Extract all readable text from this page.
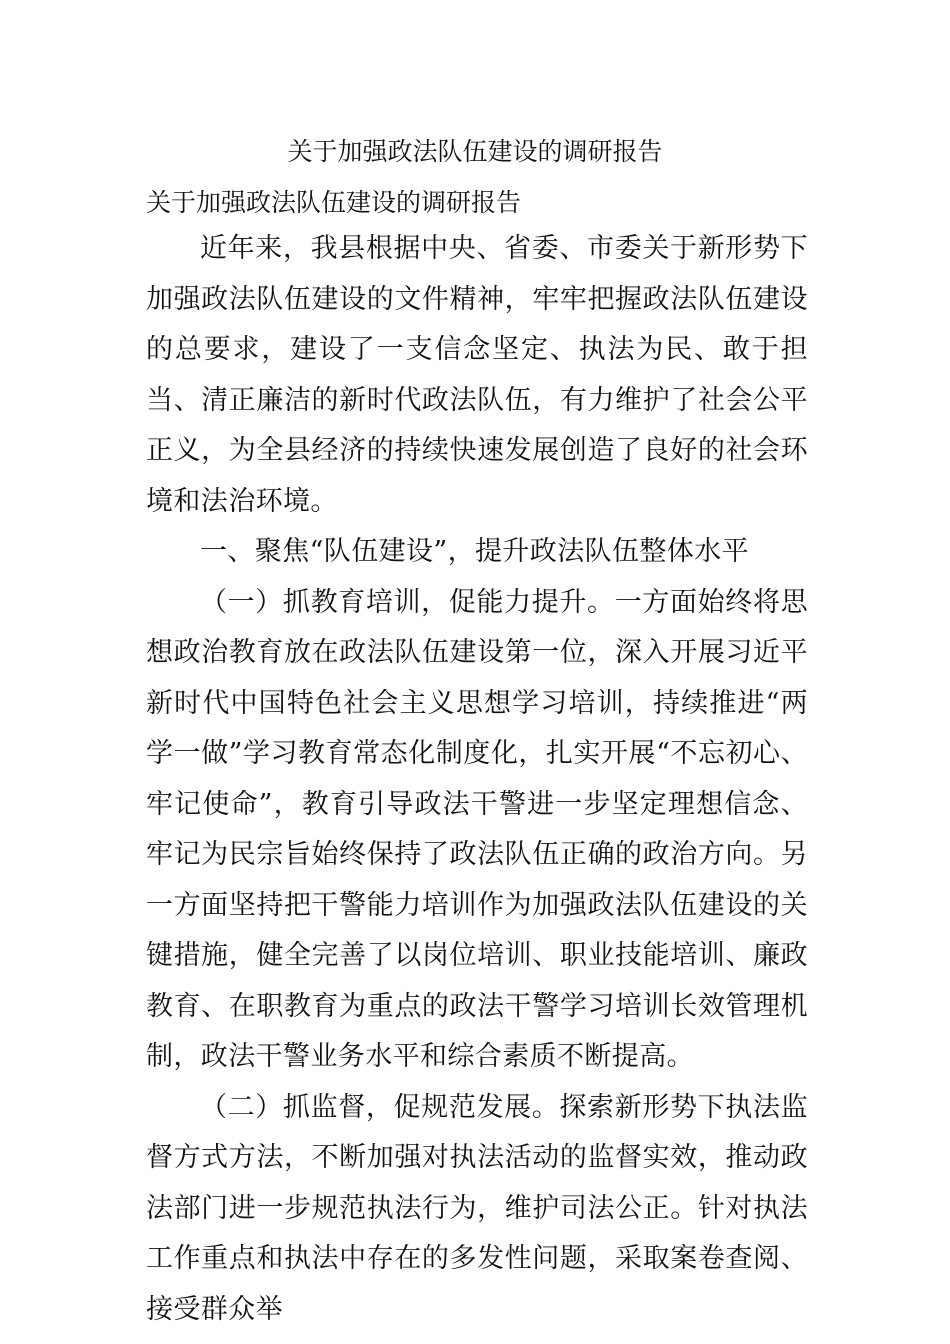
关于加强政法队伍建设的调研报告
关于加强政法队伍建设的调研报告

近年来，我县根据中央、省委、市委关于新形势下加强政法队伍建设的文件精神，牢牢把握政法队伍建设的总要求，建设了一支信念坚定、执法为民、敢于担当、清正廉洁的新时代政法队伍，有力维护了社会公平正义，为全县经济的持续快速发展创造了良好的社会环境和法治环境。

一、聚焦“队伍建设”，提升政法队伍整体水平

（一）抓教育培训，促能力提升。一方面始终将思想政治教育放在政法队伍建设第一位，深入开展习近平新时代中国特色社会主义思想学习培训，持续推进“两学一做”学习教育常态化制度化，扎实开展“不忘初心、牢记使命”，教育引导政法干警进一步坚定理想信念、牢记为民宗旨始终保持了政法队伍正确的政治方向。另一方面坚持把干警能力培训作为加强政法队伍建设的关键措施，健全完善了以岗位培训、职业技能培训、廉政教育、在职教育为重点的政法干警学习培训长效管理机制，政法干警业务水平和综合素质不断提高。

（二）抓监督，促规范发展。探索新形势下执法监督方式方法，不断加强对执法活动的监督实效，推动政法部门进一步规范执法行为，维护司法公正。针对执法工作重点和执法中存在的多发性问题，采取案卷查阅、接受群众举
